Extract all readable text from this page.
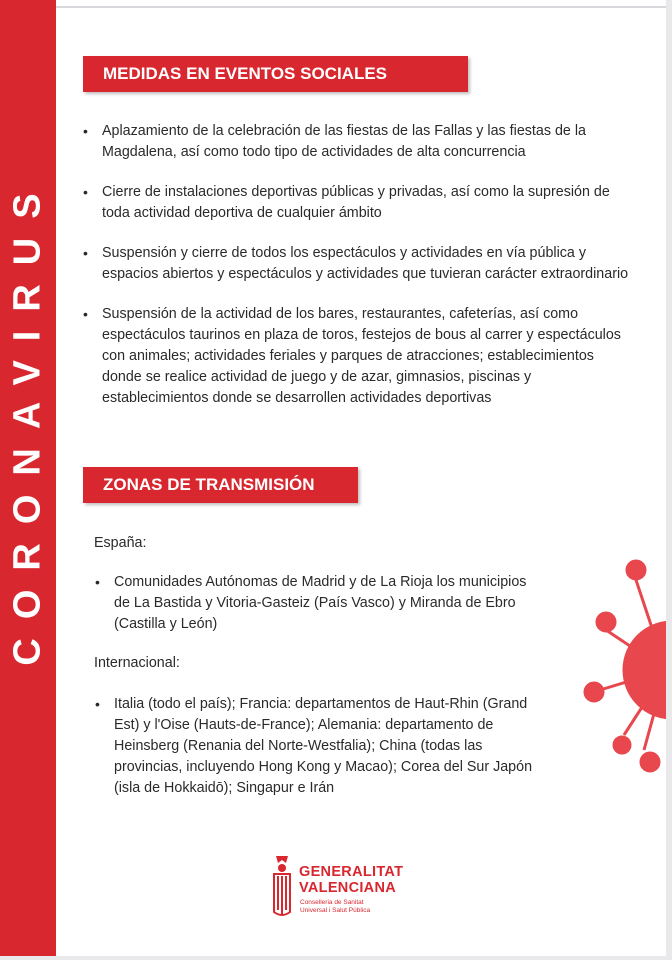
CORONAVIRUS
MEDIDAS EN EVENTOS SOCIALES
• Aplazamiento de la celebración de las fiestas de las Fallas y las fiestas de la Magdalena, así como todo tipo de actividades de alta concurrencia
• Cierre de instalaciones deportivas públicas y privadas, así como la supresión de toda actividad deportiva de cualquier ámbito
• Suspensión y cierre de todos los espectáculos y actividades en vía pública y espacios abiertos y espectáculos y actividades que tuvieran carácter extraordinario
• Suspensión de la actividad de los bares, restaurantes, cafeterías, así como espectáculos taurinos en plaza de toros, festejos de bous al carrer y espectáculos con animales; actividades feriales y parques de atracciones; establecimientos donde se realice actividad de juego y de azar, gimnasios, piscinas y establecimientos donde se desarrollen actividades deportivas
ZONAS DE TRANSMISIÓN
España:
• Comunidades Autónomas de Madrid y de La Rioja los municipios de La Bastida y Vitoria-Gasteiz (País Vasco) y Miranda de Ebro (Castilla y León)
Internacional:
• Italia (todo el país); Francia: departamentos de Haut-Rhin (Grand Est) y l'Oise (Hauts-de-France); Alemania: departamento de Heinsberg (Renania del Norte-Westfalia); China (todas las provincias, incluyendo Hong Kong y Macao); Corea del Sur Japón (isla de Hokkaidō); Singapur e Irán
GENERALITAT
VALENCIANA
Conselleria de Sanitat
Universal i Salut Pública
